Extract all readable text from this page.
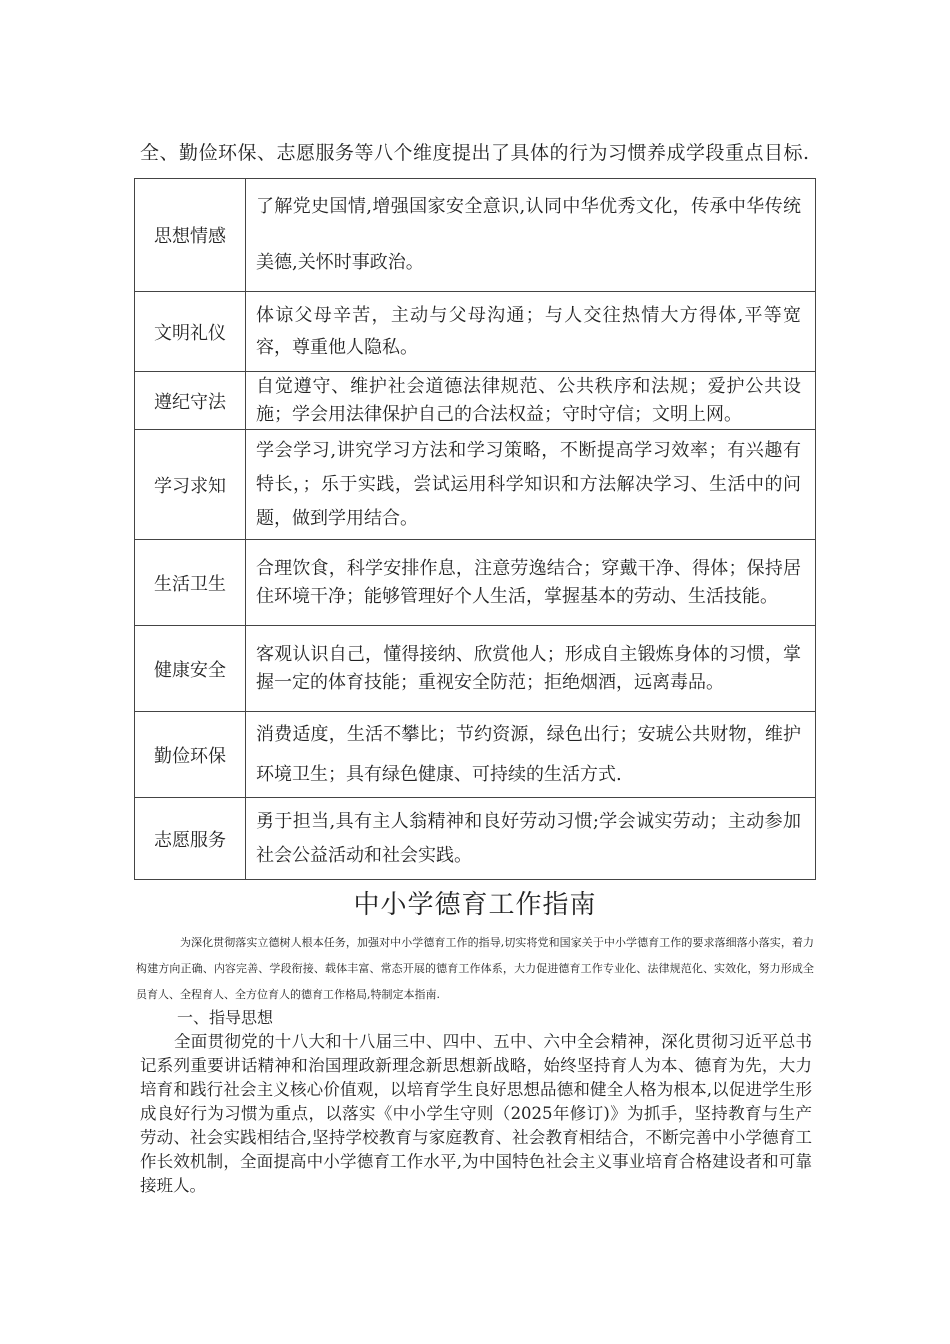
全、勤俭环保、志愿服务等八个维度提出了具体的行为习惯养成学段重点目标.
思想情感	了解党史国情,增强国家安全意识,认同中华优秀文化，传承中华传统美德,关怀时事政治。

文明礼仪	体谅父母辛苦，主动与父母沟通；与人交往热情大方得体,平等宽容，尊重他人隐私。

遵纪守法	自觉遵守、维护社会道德法律规范、公共秩序和法规；爱护公共设施；学会用法律保护自己的合法权益；守时守信；文明上网。

学习求知	学会学习,讲究学习方法和学习策略，不断提高学习效率；有兴趣有特长，；乐于实践，尝试运用科学知识和方法解决学习、生活中的问题，做到学用结合。

生活卫生	合理饮食，科学安排作息，注意劳逸结合；穿戴干净、得体；保持居住环境干净；能够管理好个人生活，掌握基本的劳动、生活技能。

健康安全	客观认识自己，懂得接纳、欣赏他人；形成自主锻炼身体的习惯，掌握一定的体育技能；重视安全防范；拒绝烟酒，远离毒品。

勤俭环保	消费适度，生活不攀比；节约资源，绿色出行；安琥公共财物，维护环境卫生；具有绿色健康、可持续的生活方式.

志愿服务	勇于担当,具有主人翁精神和良好劳动习惯;学会诚实劳动；主动参加社会公益活动和社会实践。
中小学德育工作指南
为深化贯彻落实立德树人根本任务，加强对中小学德育工作的指导,切实将党和国家关于中小学德育工作的要求落细落小落实，着力构建方向正确、内容完善、学段衔接、载体丰富、常态开展的德育工作体系，大力促进德育工作专业化、法律规范化、实效化，努力形成全员育人、全程育人、全方位育人的德育工作格局,特制定本指南.
一、指导思想
全面贯彻党的十八大和十八届三中、四中、五中、六中全会精神，深化贯彻习近平总书记系列重要讲话精神和治国理政新理念新思想新战略，始终坚持育人为本、德育为先，大力培育和践行社会主义核心价值观，以培育学生良好思想品德和健全人格为根本,以促进学生形成良好行为习惯为重点，以落实《中小学生守则（2025年修订)》为抓手，坚持教育与生产劳动、社会实践相结合,坚持学校教育与家庭教育、社会教育相结合，不断完善中小学德育工作长效机制，全面提高中小学德育工作水平,为中国特色社会主义事业培育合格建设者和可靠接班人。
